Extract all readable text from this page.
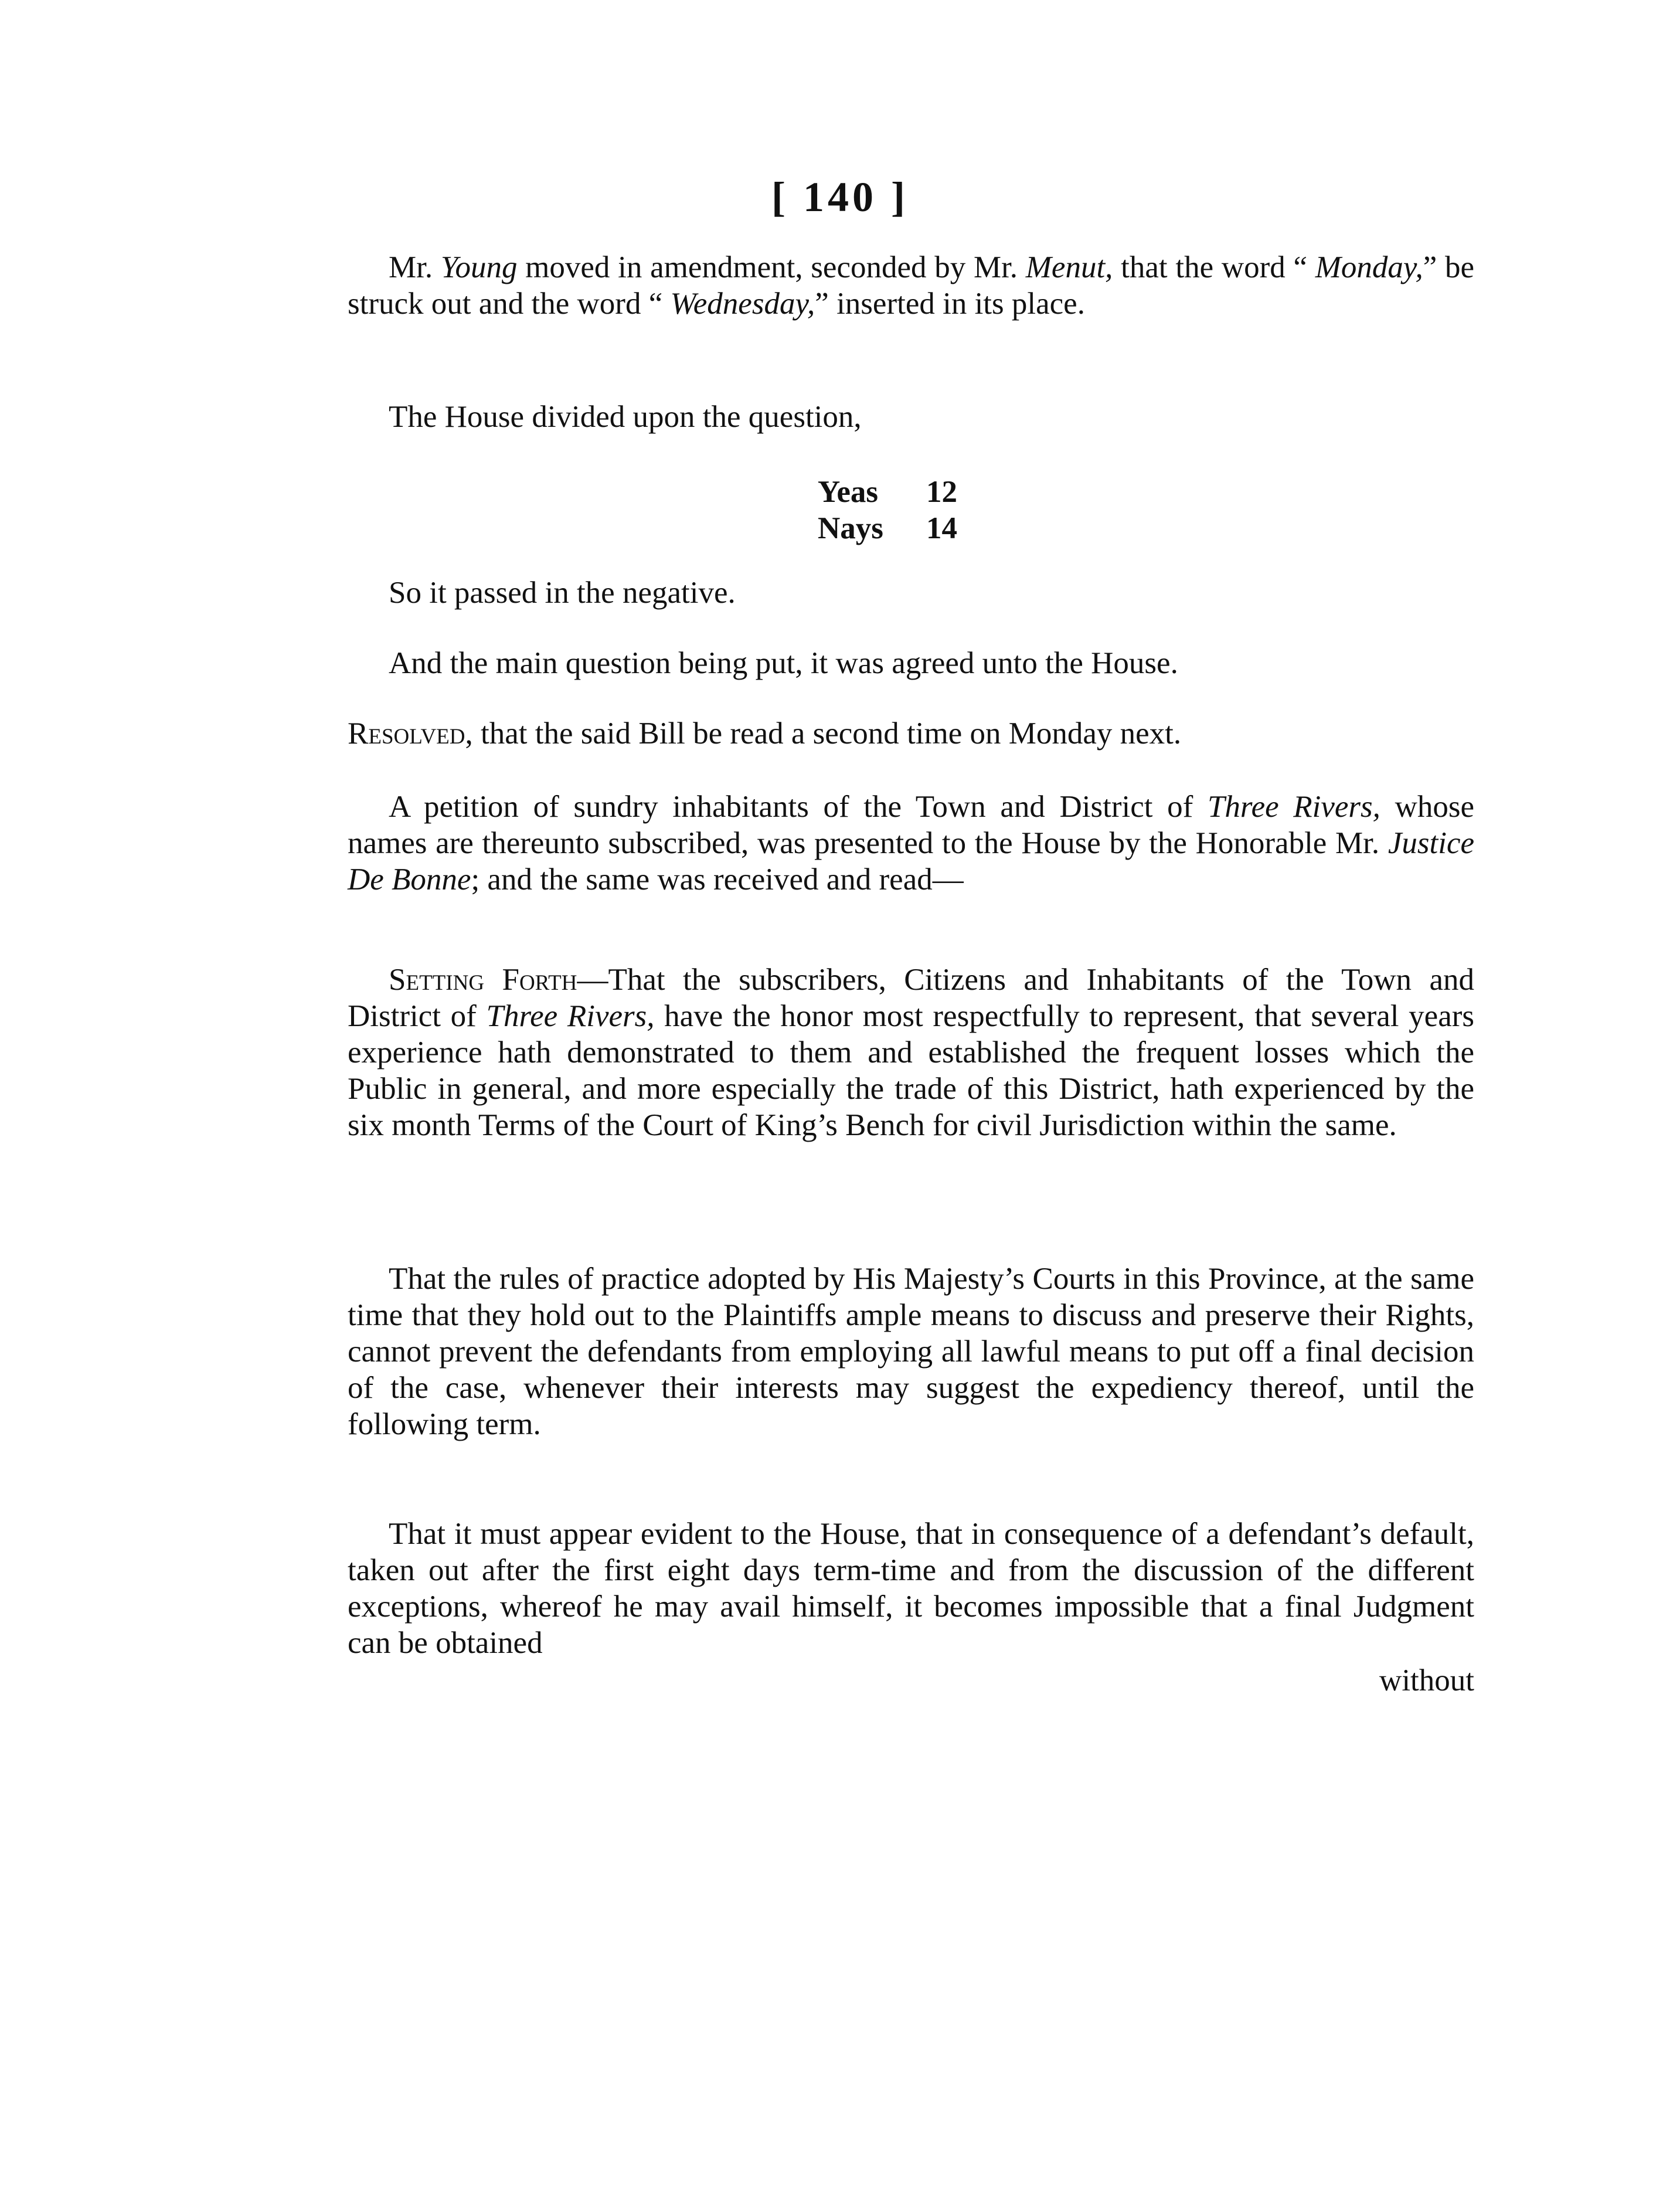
[ 140 ]
Mr. Young moved in amendment, seconded by Mr. Menut, that the word “ Monday,” be struck out and the word “ Wednesday,” inserted in its place.
The House divided upon the question,
Yeas	12
Nays	14
So it passed in the negative.
And the main question being put, it was agreed unto the House.
Resolved, that the said Bill be read a second time on Monday next.
A petition of sundry inhabitants of the Town and District of Three Rivers, whose names are thereunto subscribed, was presented to the House by the Honorable Mr. Justice De Bonne; and the same was received and read—
Setting Forth—That the subscribers, Citizens and Inhabitants of the Town and District of Three Rivers, have the honor most respectfully to represent, that several years experience hath demonstrated to them and established the frequent losses which the Public in general, and more especially the trade of this District, hath experienced by the six month Terms of the Court of King’s Bench for civil Jurisdiction within the same.
That the rules of practice adopted by His Majesty’s Courts in this Province, at the same time that they hold out to the Plaintiffs ample means to discuss and preserve their Rights, cannot prevent the defendants from employing all lawful means to put off a final decision of the case, whenever their interests may suggest the expediency thereof, until the following term.
That it must appear evident to the House, that in consequence of a defendant’s default, taken out after the first eight days term-time and from the discussion of the different exceptions, whereof he may avail himself, it becomes impossible that a final Judgment can be obtained
without
